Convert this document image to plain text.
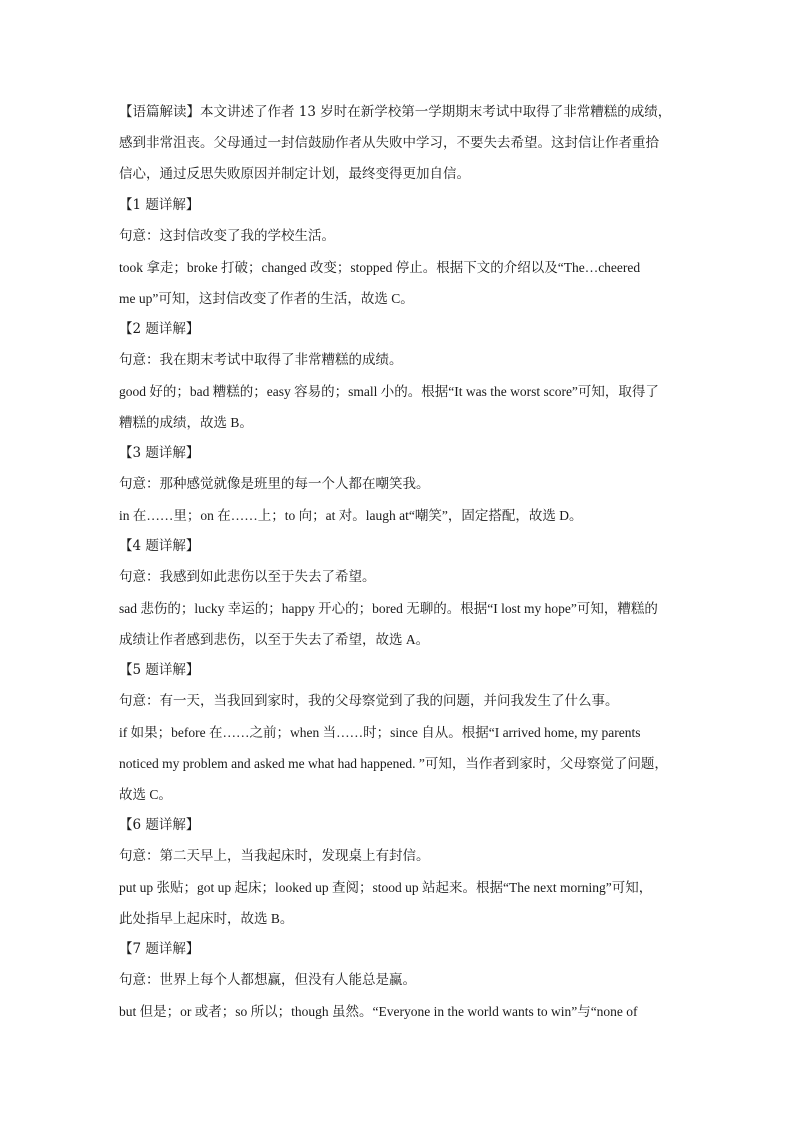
【语篇解读】本文讲述了作者 13 岁时在新学校第一学期期末考试中取得了非常糟糕的成绩，
感到非常沮丧。父母通过一封信鼓励作者从失败中学习，不要失去希望。这封信让作者重拾
信心，通过反思失败原因并制定计划，最终变得更加自信。
【1 题详解】
句意：这封信改变了我的学校生活。
took 拿走；broke 打破；changed 改变；stopped 停止。根据下文的介绍以及“The…cheered
me up”可知，这封信改变了作者的生活，故选 C。
【2 题详解】
句意：我在期末考试中取得了非常糟糕的成绩。
good 好的；bad 糟糕的；easy 容易的；small 小的。根据“It was the worst score”可知，取得了
糟糕的成绩，故选 B。
【3 题详解】
句意：那种感觉就像是班里的每一个人都在嘲笑我。
in 在……里；on 在……上；to 向；at 对。laugh at“嘲笑”，固定搭配，故选 D。
【4 题详解】
句意：我感到如此悲伤以至于失去了希望。
sad 悲伤的；lucky 幸运的；happy 开心的；bored 无聊的。根据“I lost my hope”可知，糟糕的
成绩让作者感到悲伤，以至于失去了希望，故选 A。
【5 题详解】
句意：有一天，当我回到家时，我的父母察觉到了我的问题，并问我发生了什么事。
if 如果；before 在……之前；when 当……时；since 自从。根据“I arrived home, my parents
noticed my problem and asked me what had happened. ”可知，当作者到家时，父母察觉了问题，
故选 C。
【6 题详解】
句意：第二天早上，当我起床时，发现桌上有封信。
put up 张贴；got up 起床；looked up 查阅；stood up 站起来。根据“The next morning”可知，
此处指早上起床时，故选 B。
【7 题详解】
句意：世界上每个人都想赢，但没有人能总是赢。
but 但是；or 或者；so 所以；though 虽然。“Everyone in the world wants to win”与“none of
